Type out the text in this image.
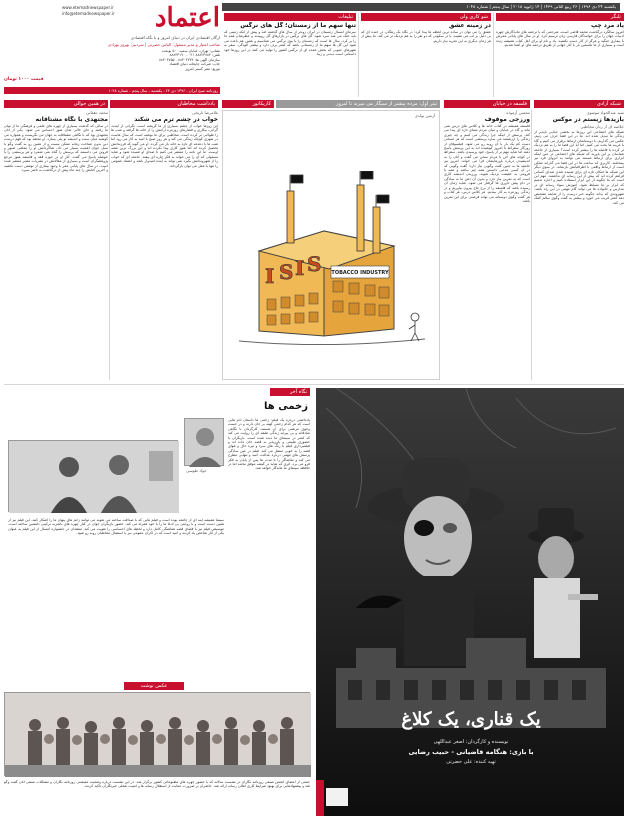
یکشنبه ۲۴ دی ۱۳۹۶ | ۲۶ ربیع الثانی ۱۴۳۹ | ۱۴ ژانویه ۲۰۱۸ | سال پنجم | شماره ۱۰۴۸
اعتماد
www.etemadnewspaper.ir
info@etemadnewspaper.ir
ارگان اقتصادی ایران در دنیای امروز و با نگاه اقتصادی
صاحب امتیاز و مدیر مسئول: الیاس حضرتی | سردبیر: بهروز بهزادی
نشانی: تهران، خیابان سمیه ۵۰۰ نوبخت
تلفن: ۸۸۸۲۳۷۸۴ ۰۲۱ - ۸۸۸۳۳۱۹۰
سازمان آگهی ها: ۸۸۳۰۴۲۷۳ - ۸۸۳۰۴۷۵۵
چاپ: شرکت چاپخانه دنیای اقتصاد
توزیع: نشر گستر امروز
قیمت ۱۰۰۰ تومان
روزنامه صبح ایران - ۱۳۹۶ دی ۲۴ - یکشنبه - سال پنجم - شماره ۱۰۴۸
تبلیغات
تنها سهم ما از زمستان؛ گل های نرگس
سرمای امسال زمستان در ایران زودتر از سال های گذشته آمد و پیش از آنکه زمینی که باید خنک می شد سرد شود، گل های نرگس در بازارهای گل روییدند و عطرشان همه جا را پر کرد. سال ها است که زمستان را با بوی نرگس می شناسیم و همین هم باعث می شود این گل ها سهم ما از زمستانی باشد که کمتر برف دارد و بیشتر آلودگی. سفر به شهرهای جنوبی که بخش عمده ای از نرگس کشور را تولید می کنند در این روزها خود داستانی است دیدنی و زیبا.
شو کاری ولی
در زمینه عشق
عشق را می توان در ساده ترین لحظه ها پیدا کرد؛ در نگاه یک رهگذر، در خنده ای که بی دلیل بر لب می نشیند، یا در سکوتی که دو نفر را به هم نزدیک تر می کند. ما بیش از هر زمان دیگری به این تجربه نیاز داریم.
تلنگر
یاد مرد چپ
امروز سالگرد درگذشت محمد قاضی است، مترجمی که با ترجمه های ماندگارش چهره ادبیات جهان را برای خوانندگان فارسی زبان ترسیم کرد. او در سال های پایانی عمرش با بیماری جنگید و هرگز از کار دست نکشید. یاد و نام او برای اهل کتاب همیشه زنده است و بسیاری از ما نخستین بار با آثار جهانی از طریق ترجمه های او آشنا شدیم.
در همین حوالی	یادداشت مخاطبان	کاریکاتور	تیتر اول: مرده پیشتر از سیگار می میرند تا امروز	فلسفه در خیابان	شبکه آزادی
محمد دهقانی
مجتهدی با نگاه مشتاقانه
در سالی که گذشت بسیاری از چهره های علمی و فرهنگی ما از میان ما رفتند و جای خالی شان هنوز احساس می شود. یکی از آنان مجتهدی بود که با نگاهی مشتاقانه به جهان می نگریست و همواره می کوشید میان سنت و اندیشه نو پلی بسازد. او معتقد بود که فهم درست دین بدون شناخت زمانه ممکن نیست و از همین رو به گفت وگو با نسل جوان اهمیت بسیار می داد. شاگردانش او را معلمی صبور و فروتن می دانستند که پرسش را گناه نمی شمرد و هر پرسشی را با حوصله پاسخ می گفت. آثار او در حوزه فقه و فلسفه هنوز مرجع پژوهشگران است و بسیاری از مقالاتش در نشریات معتبر منتشر شده است. در سال های پایانی عمر با وجود بیماری از نوشتن دست نکشید و آخرین کتابش را چند ماه پیش از درگذشت به ناشر سپرد.
غلامرضا تاریخی
خواب در چشم ترم می شکند
این روزها خواب از چشم بسیاری از ما گریخته است. نگرانی از آینده، گرانی، بیکاری و فشارهای روزمره آرامش را از خانه ها گرفته و شب ها را طولانی تر کرده است. مخاطبی برای ما نوشته است که سال هاست در شهری کوچک زندگی می کند و هر روز صبح با امید به کار می رود اما شب ها با دغدغه ای تازه به خانه باز می گردد. او می گوید که فرزندانش تحصیل کرده اند اما هنوز کاری پیدا نکرده اند و این بزرگ ترین غصه اوست. ما این نامه را منتشر می کنیم تا صدای او شنیده شود و شاید مسئولی که آن را می خواند به فکر چاره ای بیفتد. جامعه ای که خواب را از شهروندانش بگیرد نمی تواند به آینده امیدوار باشد و اعتماد عمومی را تنها با عمل می توان بازگرداند.
آرمین بولدی
TOBACCO INDUSTRY
I S I S
محسن آزموده
ورزجی موقوف
فلسفه همیشه در کتاب خانه ها و کلاس های درس نمی ماند و گاه در خیابان و میان مردم معنای تازه ای پیدا می کند. پرسش از اینکه چرا زندگی می کنیم و چه چیزی زندگی را ارزشمند می سازد پرسشی است که هر انسانی دست کم یک بار با آن روبه رو می شود. فیلسوفان از روزگار سقراط تا امروز کوشیده اند به این پرسش پاسخ دهند اما شاید مهم تر از پاسخ، خود پرسیدن باشد. سقراط در کوچه های آتن با مردم سخن می گفت و آنان را به اندیشیدن درباره باورهایشان فرا می خواند. امروز نیز جامعه ما به چنین گفت وگویی نیاز دارد؛ گفت وگویی که در آن کسی مدعی دانستن همه چیز نباشد و همه با فروتنی به حقیقت نزدیک شوند. ورزیدن اندیشه کاری است که به تمرین نیاز دارد و بدون آن ذهن ما به سادگی در دام پیش داوری ها گرفتار می شود. شاید زمان آن رسیده باشد که فلسفه را از برج عاج بیرون بیاوریم و در زندگی روزمره به کار ببندیم. هر کلاس درس، هر کتاب و هر گفت وگوی دوستانه می تواند فرصتی برای این تمرین باشد.
سید عبدالجواد موسوی
بازیدها زیستم در موکس
خلاصه ای از زبان مخاطبی
شبکه های اجتماعی این روزها به بخشی جدایی ناپذیر از زندگی ما تبدیل شده اند. ما در این فضا حرف می زنیم، عکس می گذاریم، با دوستانمان ارتباط برقرار می کنیم و گاه با غریبه ها بحث می کنیم. اما آیا این فضا ما را به هم نزدیک تر کرده یا فاصله ها را بیشتر کرده است؟ بسیاری از جامعه شناسان بر این باورند که شبکه های اجتماعی در عین اینکه ابزاری برای ارتباط هستند می توانند به انزوای فرد نیز بینجامند. کاربری که ساعت ها در این فضا می گذراند ممکن است از ارتباط واقعی با اطرافیانش بازبماند. در سوی دیگر این شبکه ها امکان تازه ای برای شنیده شدن صدای کسانی فراهم کرده اند که پیش از این رسانه ای نداشتند. مهم این است که ما چگونه از این ابزار استفاده کنیم و اجازه ندهیم که ابزار بر ما مسلط شود. آموزش سواد رسانه ای در مدارس و خانواده ها می تواند گام مهمی در این راه باشد. شهروندی که بداند چگونه خبر درست را از شایعه تشخیص دهد کمتر فریب می خورد و بیشتر به گفت وگوی سالم کمک می کند.
نگاه آخر
زخمی ها
جواد طوسی
یادداشتی درباره یک فیلم: زخمی ها داستان آدم هایی است که هر کدام زخمی کهنه بر جان دارند و در جست وجوی مرهمی برای آن هستند. کارگردان با نگاهی صادقانه و بی پیرایه زندگی طبقه ای را روایت می کند که کمتر در سینمای ما دیده شده است. بازیگران با حضوری طبیعی و باورپذیر به قصه جان داده اند و فیلمبرداری فیلم با رنگ های سرد و تیره حال و هوای قصه را به خوبی منتقل می کند. فیلم در عین سادگی پرسش های مهمی درباره عدالت، امید و تنهایی مطرح می کند و تماشاگر را تا مدت ها پس از پایان به فکر فرو می برد. اثری که شاید در گیشه موفق نباشد اما در حافظه سینمای ما ماندگار خواهد شد.
سینما همیشه آینه ای از جامعه بوده است و فیلم هایی که با صداقت ساخته می شوند می توانند زخم های پنهان ما را آشکار کنند. این فیلم نیز از همین دست است و با روایتی بی ادعا ما را با خود همراه می کند. حضور بازیگران جوان در کنار چهره های باتجربه ترکیبی دلنشین ساخته است. موسیقی فیلم نیز با فضای قصه هماهنگی کامل دارد و لحظه های احساسی را تقویت می کند. منتقدان در جشنواره امسال از این فیلم به عنوان یکی از آثار شاخص یاد کردند و امید است که در اکران عمومی نیز با استقبال مخاطبان روبه رو شود.
عکس نوشت
جمعی از اعضای انجمن صنفی روزنامه نگاران در نشست سالانه که با حضور چهره های مطبوعاتی کشور برگزار شد. در این نشست درباره وضعیت معیشتی روزنامه نگاران و مشکلات صنفی آنان گفت وگو شد و پیشنهادهایی برای بهبود شرایط کاری اهالی رسانه ارائه شد. حاضران بر ضرورت حمایت از استقلال رسانه ها و امنیت شغلی خبرنگاران تاکید کردند.
یک قناری، یک کلاغ
نویسنده و کارگردان: اصغر عبداللهی
با بازی: هنگامه قاضیانی - حبیب رضایی
تهیه کننده: علی حضرتی
